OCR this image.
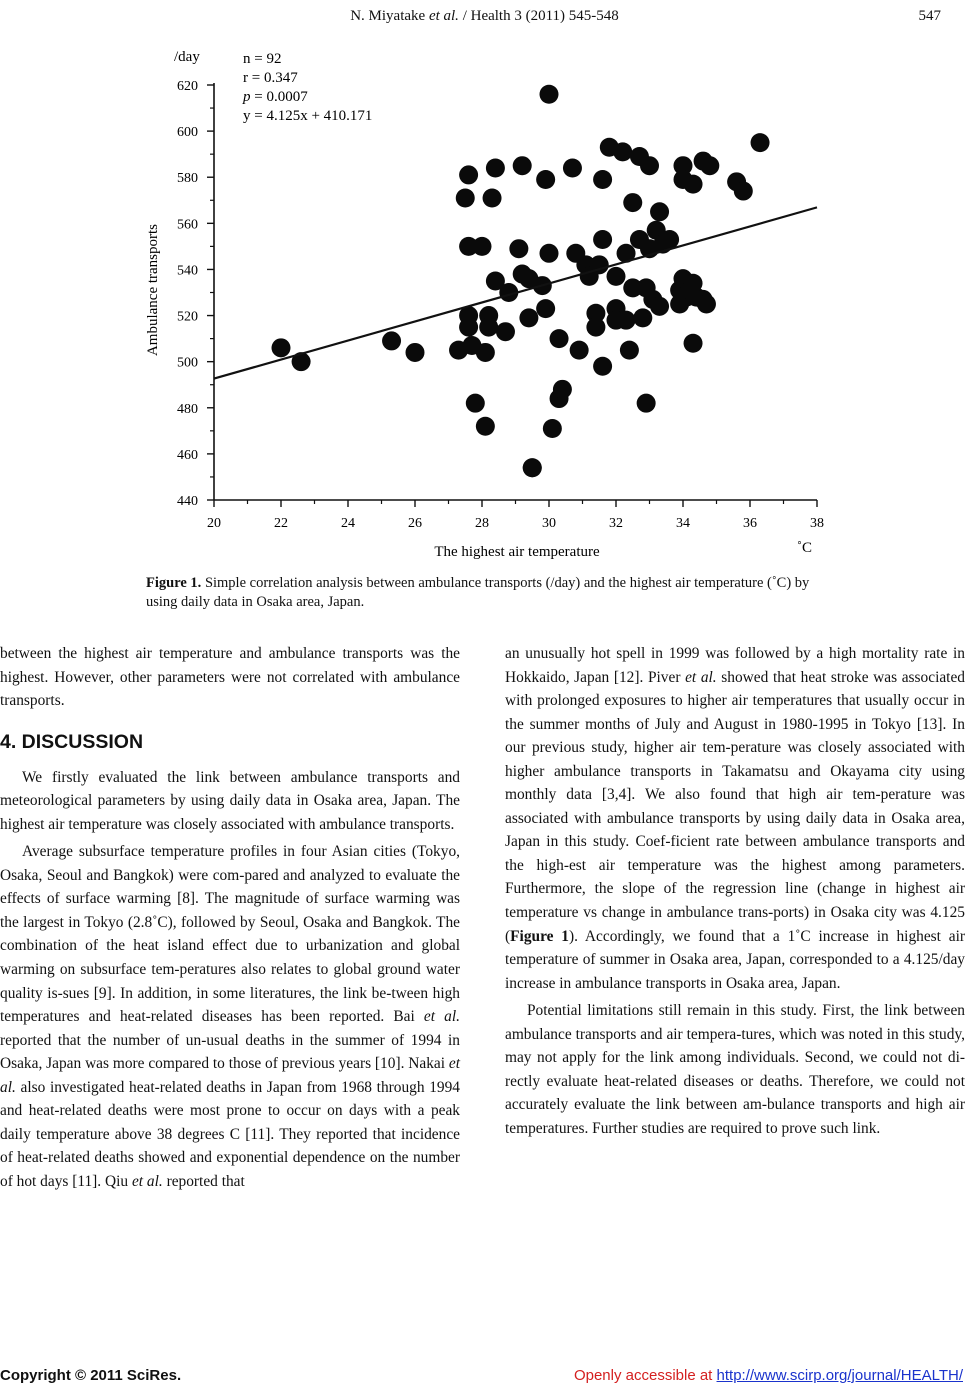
N. Miyatake et al. / Health 3 (2011) 545-548	547
440
460
480
500
520
540
560
580
600
620
20	22	24	26	28	30	32	34	36	38
/day	n = 92
r = 0.347
p = 0.0007
y = 4.125x + 410.171
Ambulance transports
The highest air temperature	˚C
Figure 1. Simple correlation analysis between ambulance transports (/day) and the highest air temperature (˚C) by using daily data in Osaka area, Japan.

between the highest air temperature and ambulance transports was the highest. However, other parameters were not correlated with ambulance transports.

4. DISCUSSION

We firstly evaluated the link between ambulance transports and meteorological parameters by using daily data in Osaka area, Japan. The highest air temperature was closely associated with ambulance transports.

Average subsurface temperature profiles in four Asian cities (Tokyo, Osaka, Seoul and Bangkok) were com-pared and analyzed to evaluate the effects of surface warming [8]. The magnitude of surface warming was the largest in Tokyo (2.8˚C), followed by Seoul, Osaka and Bangkok. The combination of the heat island effect due to urbanization and global warming on subsurface tem-peratures also relates to global ground water quality is-sues [9]. In addition, in some literatures, the link be-tween high temperatures and heat-related diseases has been reported. Bai et al. reported that the number of un-usual deaths in the summer of 1994 in Osaka, Japan was more compared to those of previous years [10]. Nakai et al. also investigated heat-related deaths in Japan from 1968 through 1994 and heat-related deaths were most prone to occur on days with a peak daily temperature above 38 degrees C [11]. They reported that incidence of heat-related deaths showed and exponential dependence on the number of hot days [11]. Qiu et al. reported that

an unusually hot spell in 1999 was followed by a high mortality rate in Hokkaido, Japan [12]. Piver et al. showed that heat stroke was associated with prolonged exposures to higher air temperatures that usually occur in the summer months of July and August in 1980-1995 in Tokyo [13]. In our previous study, higher air tem-perature was closely associated with higher ambulance transports in Takamatsu and Okayama city using monthly data [3,4]. We also found that high air tem-perature was associated with ambulance transports by using daily data in Osaka area, Japan in this study. Coef-ficient rate between ambulance transports and the high-est air temperature was the highest among parameters. Furthermore, the slope of the regression line (change in highest air temperature vs change in ambulance trans-ports) in Osaka city was 4.125 (Figure 1). Accordingly, we found that a 1˚C increase in highest air temperature of summer in Osaka area, Japan, corresponded to a 4.125/day increase in ambulance transports in Osaka area, Japan.

Potential limitations still remain in this study. First, the link between ambulance transports and air tempera-tures, which was noted in this study, may not apply for the link among individuals. Second, we could not di-rectly evaluate heat-related diseases or deaths. Therefore, we could not accurately evaluate the link between am-bulance transports and high air temperatures. Further studies are required to prove such link.

Copyright © 2011 SciRes.	Openly accessible at http://www.scirp.org/journal/HEALTH/
